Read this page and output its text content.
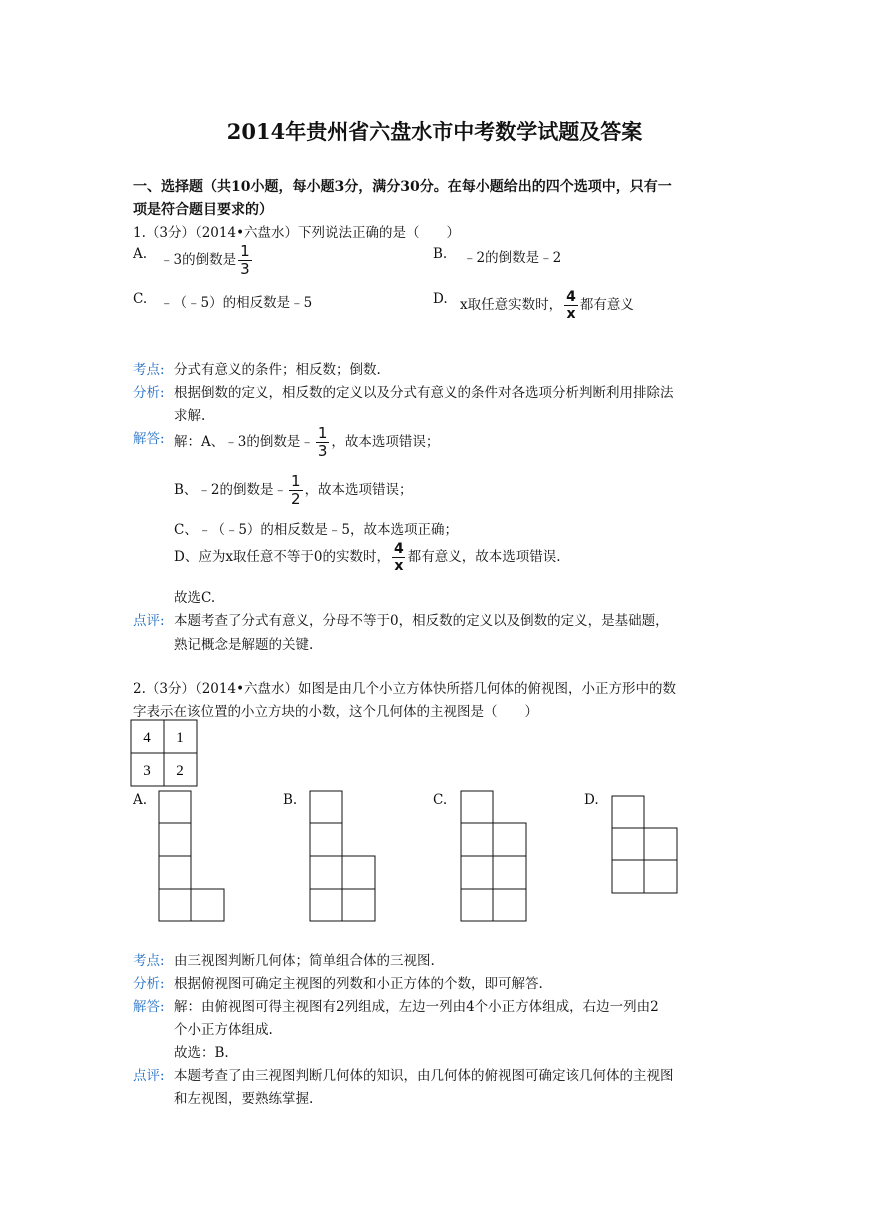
2014年贵州省六盘水市中考数学试题及答案
一、选择题（共10小题，每小题3分，满分30分。在每小题给出的四个选项中，只有一
项是符合题目要求的）
1.（3分）（2014•六盘水）下列说法正确的是（　　）
A. ﹣3的倒数是 $\frac{1}{3}$	B. ﹣2的倒数是﹣2
C. ﹣（﹣5）的相反数是﹣5	D. x取任意实数时， $\frac{4}{x}$ 都有意义
考点: 分式有意义的条件；相反数；倒数.
分析: 根据倒数的定义，相反数的定义以及分式有意义的条件对各选项分析判断利用排除法
求解.
解答: 解：A、﹣3的倒数是﹣ $\frac{1}{3}$ ，故本选项错误；
B、﹣2的倒数是﹣ $\frac{1}{2}$ ，故本选项错误；
C、﹣（﹣5）的相反数是﹣5，故本选项正确；
D、应为x取任意不等于0的实数时， $\frac{4}{x}$ 都有意义，故本选项错误.
故选C.
点评: 本题考查了分式有意义，分母不等于0，相反数的定义以及倒数的定义，是基础题，
熟记概念是解题的关键.
2.（3分）（2014•六盘水）如图是由几个小立方体快所搭几何体的俯视图，小正方形中的数
字表示在该位置的小立方块的小数，这个几何体的主视图是（　　）
4 1
3 2
A.	B.	C.	D.
考点: 由三视图判断几何体；简单组合体的三视图.
分析: 根据俯视图可确定主视图的列数和小正方体的个数，即可解答.
解答: 解：由俯视图可得主视图有2列组成，左边一列由4个小正方体组成，右边一列由2
个小正方体组成.
故选：B.
点评: 本题考查了由三视图判断几何体的知识，由几何体的俯视图可确定该几何体的主视图
和左视图，要熟练掌握.
